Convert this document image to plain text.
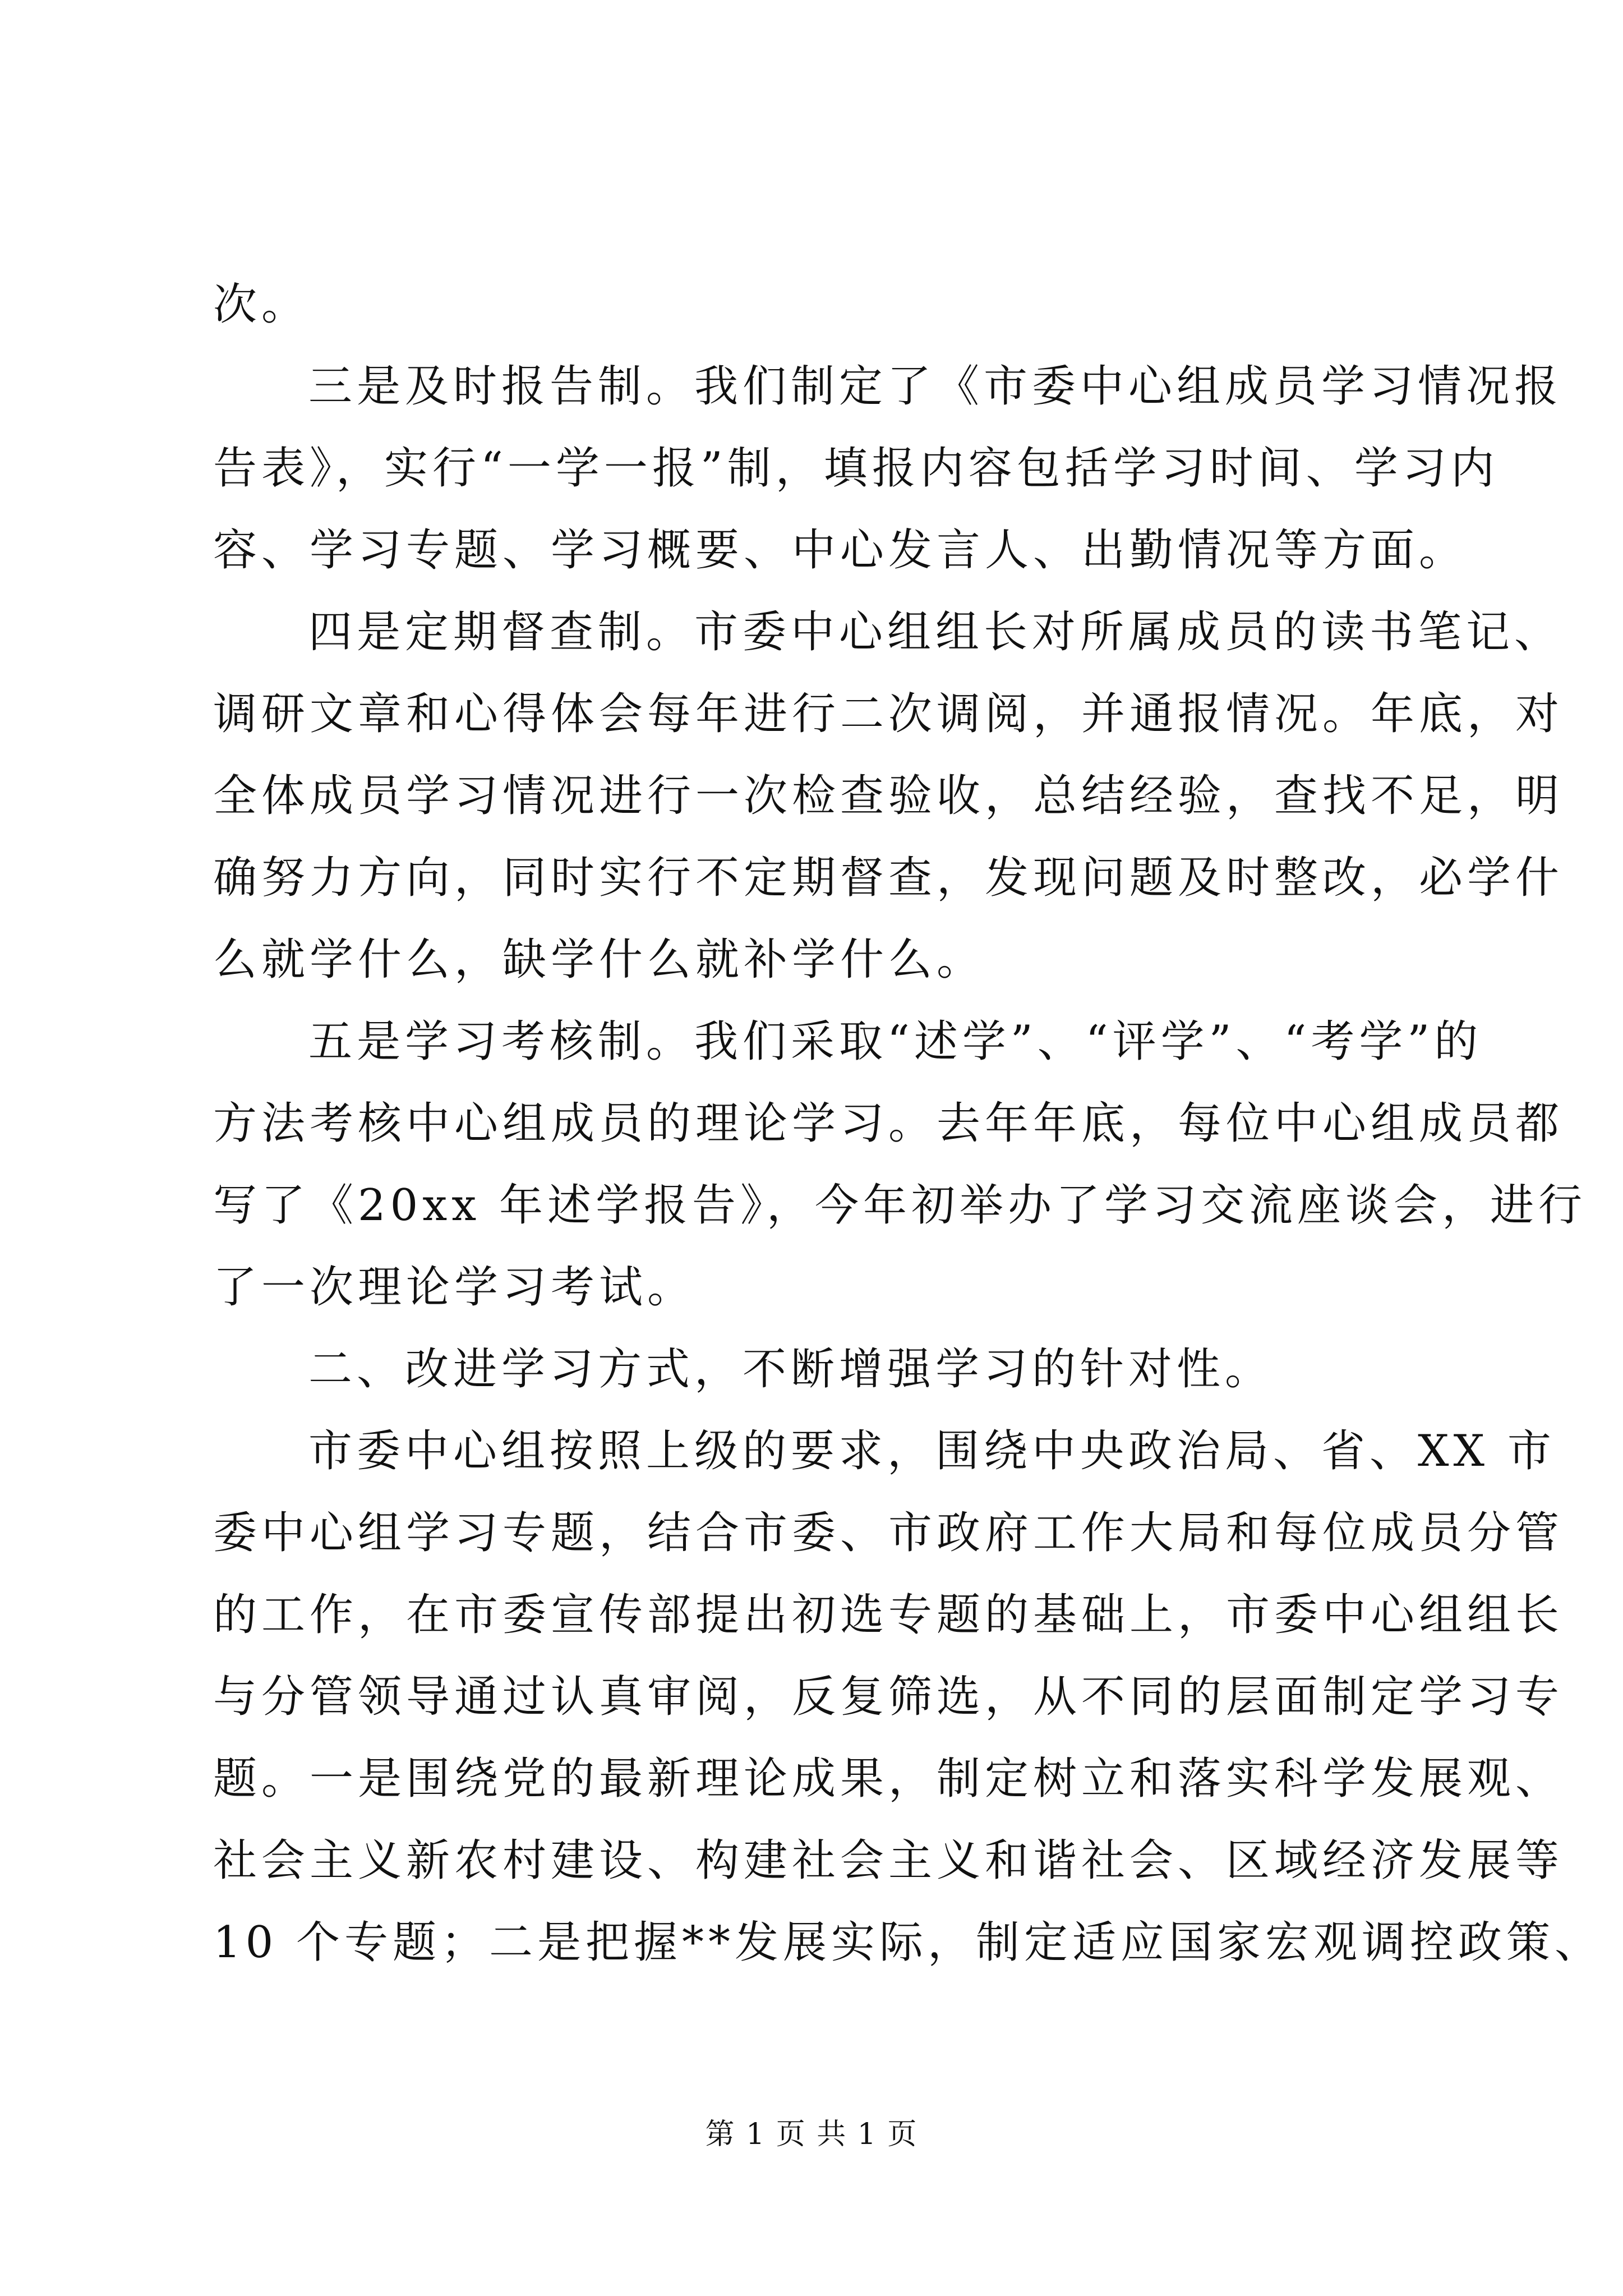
次。
三是及时报告制。我们制定了《市委中心组成员学习情况报
告表》，实行“一学一报”制，填报内容包括学习时间、学习内
容、学习专题、学习概要、中心发言人、出勤情况等方面。
四是定期督查制。市委中心组组长对所属成员的读书笔记、
调研文章和心得体会每年进行二次调阅，并通报情况。年底，对
全体成员学习情况进行一次检查验收，总结经验，查找不足，明
确努力方向，同时实行不定期督查，发现问题及时整改，必学什
么就学什么，缺学什么就补学什么。
五是学习考核制。我们采取“述学”、“评学”、“考学”的
方法考核中心组成员的理论学习。去年年底，每位中心组成员都
写了《20xx 年述学报告》，今年初举办了学习交流座谈会，进行
了一次理论学习考试。
二、改进学习方式，不断增强学习的针对性。
市委中心组按照上级的要求，围绕中央政治局、省、XX 市
委中心组学习专题，结合市委、市政府工作大局和每位成员分管
的工作，在市委宣传部提出初选专题的基础上，市委中心组组长
与分管领导通过认真审阅，反复筛选，从不同的层面制定学习专
题。一是围绕党的最新理论成果，制定树立和落实科学发展观、
社会主义新农村建设、构建社会主义和谐社会、区域经济发展等
10 个专题；二是把握**发展实际，制定适应国家宏观调控政策、
第 1 页 共 1 页
